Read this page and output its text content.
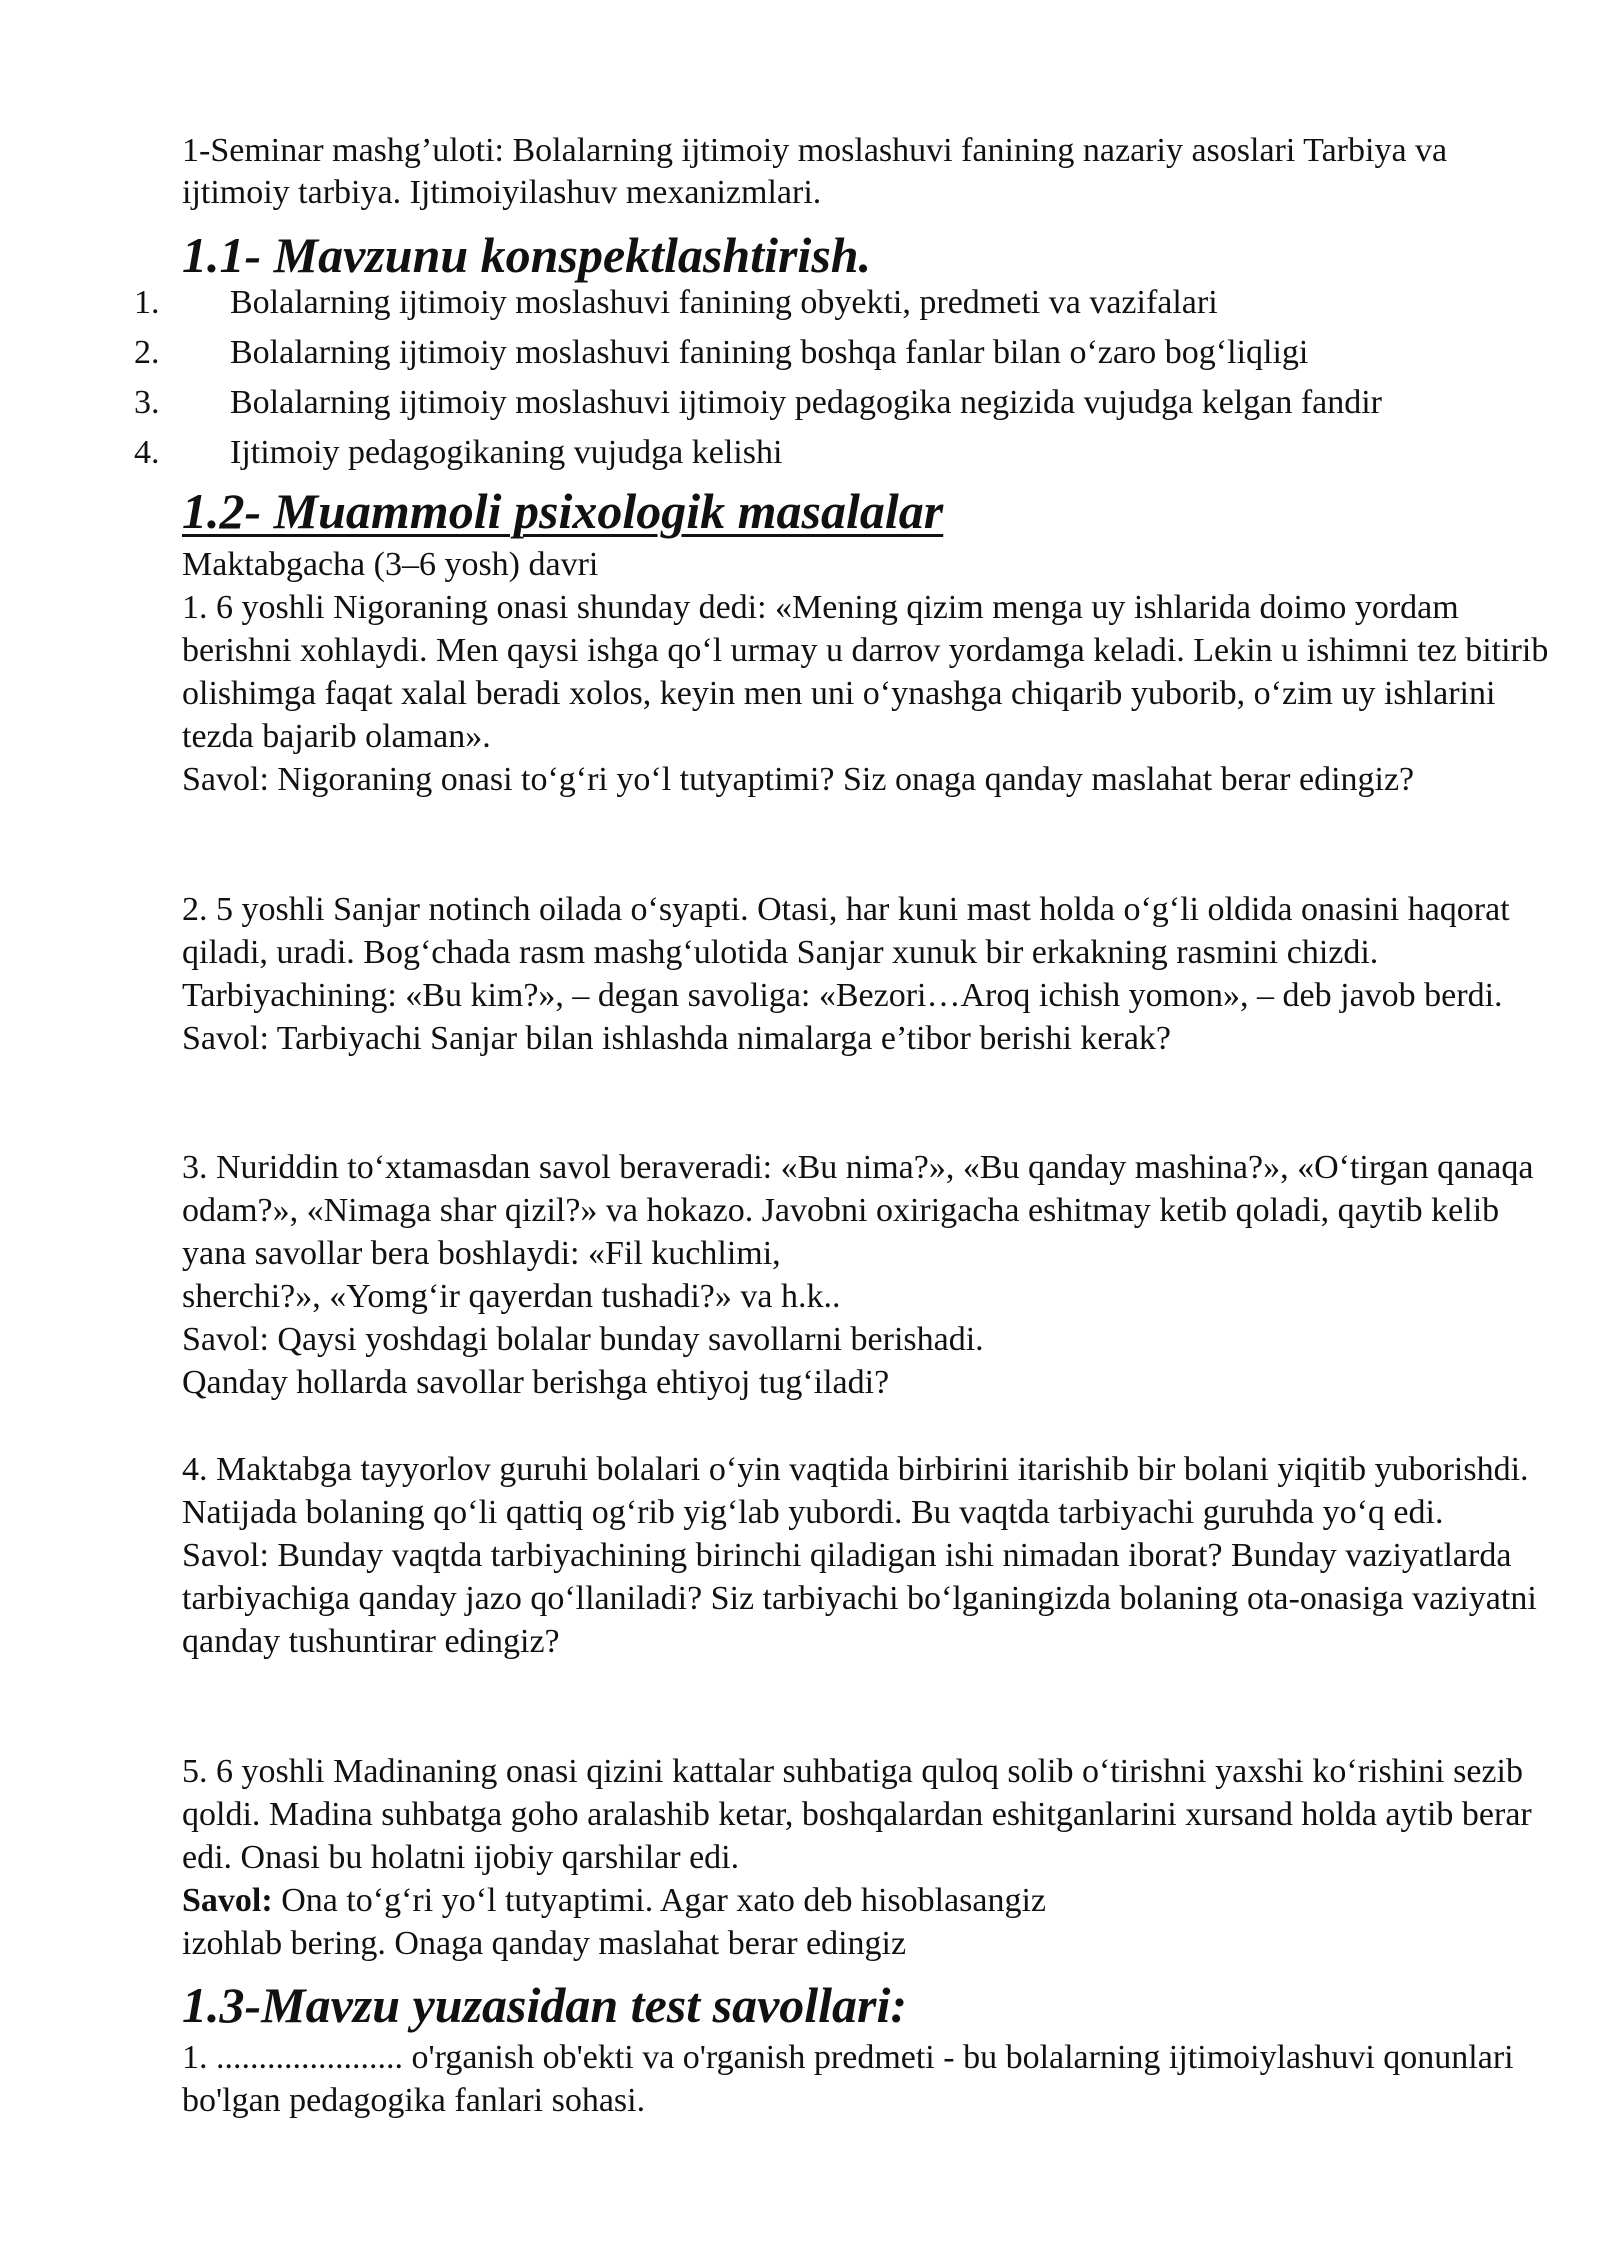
1-Seminar mashg’uloti: Bolalarning ijtimoiy moslashuvi fanining nazariy asoslari Tarbiya va ijtimoiy tarbiya. Ijtimoiyilashuv mexanizmlari.

1.1- Mavzunu konspektlashtirish.
1. Bolalarning ijtimoiy moslashuvi fanining obyekti, predmeti va vazifalari
2. Bolalarning ijtimoiy moslashuvi fanining boshqa fanlar bilan o‘zaro bog‘liqligi
3. Bolalarning ijtimoiy moslashuvi ijtimoiy pedagogika negizida vujudga kelgan fandir
4. Ijtimoiy pedagogikaning vujudga kelishi
1.2- Muammoli psixologik masalalar

Maktabgacha (3–6 yosh) davri

1. 6 yoshli Nigoraning onasi shunday dedi: «Mening qizim menga uy ishlarida doimo yordam berishni xohlaydi. Men qaysi ishga qo‘l urmay u darrov yordamga keladi. Lekin u ishimni tez bitirib olishimga faqat xalal beradi xolos, keyin men uni o‘ynashga chiqarib yuborib, o‘zim uy ishlarini tezda bajarib olaman».
Savol: Nigoraning onasi to‘g‘ri yo‘l tutyaptimi? Siz onaga qanday maslahat berar edingiz?
2. 5 yoshli Sanjar notinch oilada o‘syapti. Otasi, har kuni mast holda o‘g‘li oldida onasini haqorat qiladi, uradi. Bog‘chada rasm mashg‘ulotida Sanjar xunuk bir erkakning rasmini chizdi. Tarbiyachining: «Bu kim?», – degan savoliga: «Bezori…Aroq ichish yomon», – deb javob berdi.
Savol: Tarbiyachi Sanjar bilan ishlashda nimalarga e’tibor berishi kerak?
3. Nuriddin to‘xtamasdan savol beraveradi: «Bu nima?», «Bu qanday mashina?», «O‘tirgan qanaqa odam?», «Nimaga shar qizil?» va hokazo. Javobni oxirigacha eshitmay ketib qoladi, qaytib kelib yana savollar bera boshlaydi: «Fil kuchlimi,
sherchi?», «Yomg‘ir qayerdan tushadi?» va h.k..
Savol: Qaysi yoshdagi bolalar bunday savollarni berishadi.
Qanday hollarda savollar berishga ehtiyoj tug‘iladi?
4. Maktabga tayyorlov guruhi bolalari o‘yin vaqtida birbirini itarishib bir bolani yiqitib yuborishdi. Natijada bolaning qo‘li qattiq og‘rib yig‘lab yubordi. Bu vaqtda tarbiyachi guruhda yo‘q edi.
Savol: Bunday vaqtda tarbiyachining birinchi qiladigan ishi nimadan iborat? Bunday vaziyatlarda tarbiyachiga qanday jazo qo‘llaniladi? Siz tarbiyachi bo‘lganingizda bolaning ota-onasiga vaziyatni qanday tushuntirar edingiz?
5. 6 yoshli Madinaning onasi qizini kattalar suhbatiga quloq solib o‘tirishni yaxshi ko‘rishini sezib qoldi. Madina suhbatga goho aralashib ketar, boshqalardan eshitganlarini xursand holda aytib berar edi. Onasi bu holatni ijobiy qarshilar edi.
Savol: Ona to‘g‘ri yo‘l tutyaptimi. Agar xato deb hisoblasangiz
izohlab bering. Onaga qanday maslahat berar edingiz
1.3-Mavzu yuzasidan test savollari:

1. ...................... o'rganish ob'ekti va o'rganish predmeti - bu bolalarning ijtimoiylashuvi qonunlari bo'lgan pedagogika fanlari sohasi.
